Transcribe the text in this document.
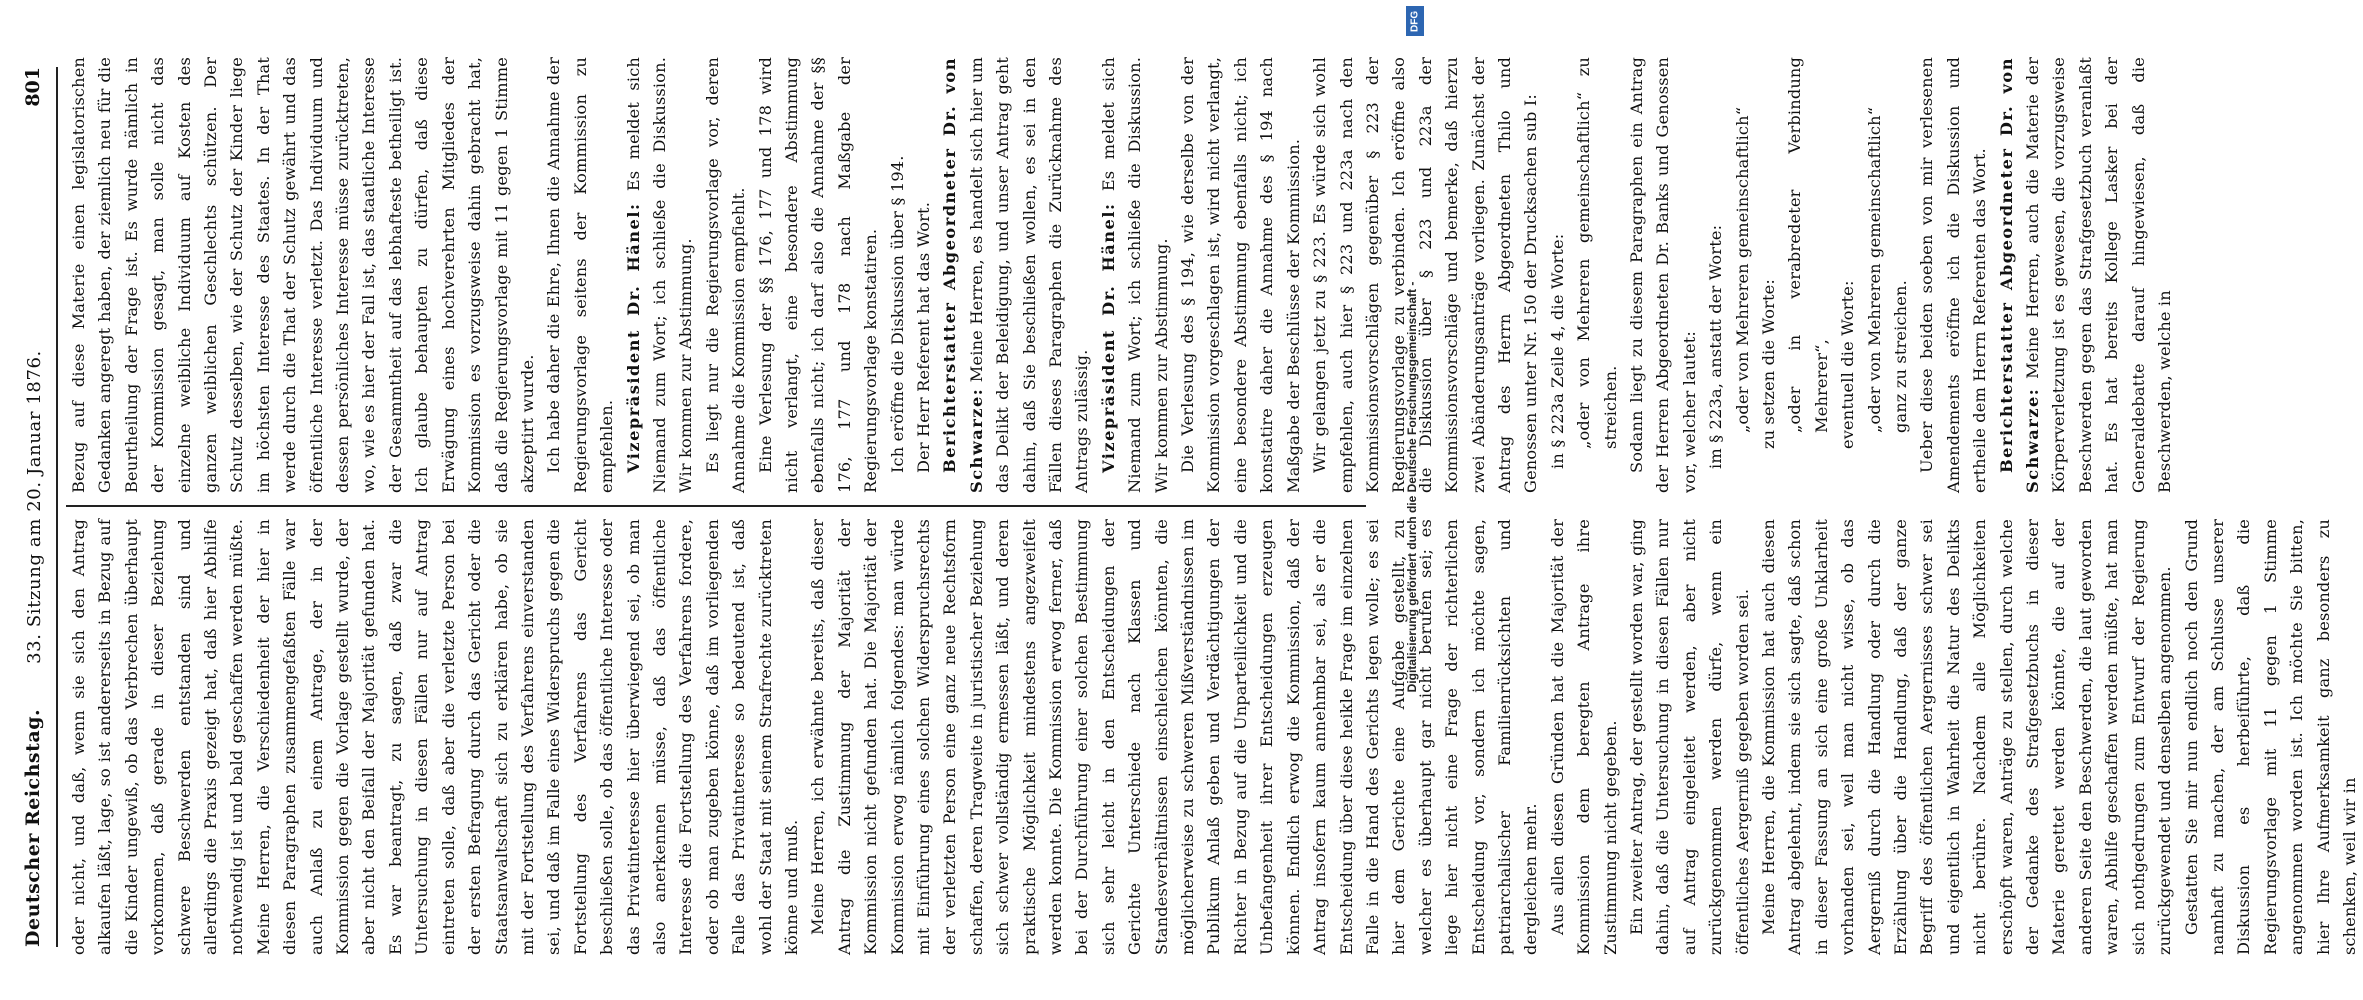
Deutscher Reichstag.
33. Sitzung am 20. Januar 1876.
801

oder nicht, und daß, wenn sie sich den Antrag alkaufen läßt, lage, so ist andererseits in Bezug auf die Kinder ungewiß, ob das Verbrechen überhaupt vorkommen, daß gerade in dieser Beziehung schwere Beschwerden entstanden sind und allerdings die Praxis gezeigt hat, daß hier Abhilfe nothwendig ist und bald geschaffen werden müßte. Meine Herren, die Verschiedenheit der hier in diesen Paragraphen zusammengefaßten Fälle war auch Anlaß zu einem Antrage, der in der Kommission gegen die Vorlage gestellt wurde, der aber nicht den Beifall der Majorität gefunden hat. Es war beantragt, zu sagen, daß zwar die Untersuchung in diesen Fällen nur auf Antrag eintreten solle, daß aber die verletzte Person bei der ersten Befragung durch das Gericht oder die Staatsanwaltschaft sich zu erklären habe, ob sie mit der Fortstellung des Verfahrens einverstanden sei, und daß im Falle eines Widerspruchs gegen die Fortstellung des Verfahrens das Gericht beschließen solle, ob das öffentliche Interesse oder das Privatinteresse hier überwiegend sei, ob man also anerkennen müsse, daß das öffentliche Interesse die Fortstellung des Verfahrens fordere, oder ob man zugeben könne, daß im vorliegenden Falle das Privatinteresse so bedeutend ist, daß wohl der Staat mit seinem Strafrechte zurücktreten könne und muß. Meine Herren, ich erwähnte bereits, daß dieser Antrag die Zustimmung der Majorität der Kommission nicht gefunden hat. Die Majorität der Kommission erwog nämlich folgendes: man würde mit Einführung eines solchen Widerspruchsrechts der verletzten Person eine ganz neue Rechtsform schaffen, deren Tragweite in juristischer Beziehung sich schwer vollständig ermessen läßt, und deren praktische Möglichkeit mindestens angezweifelt werden konnte. Die Kommission erwog ferner, daß bei der Durchführung einer solchen Bestimmung sich sehr leicht in den Entscheidungen der Gerichte Unterschiede nach Klassen und Standesverhältnissen einschleichen könnten, die möglicherweise zu schweren Mißverständnissen im Publikum Anlaß geben und Verdächtigungen der Richter in Bezug auf die Unparteilichkeit und die Unbefangenheit ihrer Entscheidungen erzeugen können. Endlich erwog die Kommission, daß der Antrag insofern kaum annehmbar sei, als er die Entscheidung über diese heikle Frage im einzelnen Falle in die Hand des Gerichts legen wolle; es sei hier dem Gerichte eine Aufgabe gestellt, zu welcher es überhaupt gar nicht berufen sei; es liege hier nicht eine Frage der richterlichen Entscheidung vor, sondern ich möchte sagen, patriarchalischer Familienrücksichten und dergleichen mehr. Aus allen diesen Gründen hat die Majorität der Kommission dem beregten Antrage ihre Zustimmung nicht gegeben. Ein zweiter Antrag, der gestellt worden war, ging dahin, daß die Untersuchung in diesen Fällen nur auf Antrag eingeleitet werden, aber nicht zurückgenommen werden dürfe, wenn ein öffentliches Aergerniß gegeben worden sei. Meine Herren, die Kommission hat auch diesen Antrag abgelehnt, indem sie sich sagte, daß schon in dieser Fassung an sich eine große Unklarheit vorhanden sei, weil man nicht wisse, ob das Aergerniß durch die Handlung oder durch die Erzählung über die Handlung, daß der ganze Begriff des öffentlichen Aergernisses schwer sei und eigentlich in Wahrheit die Natur des Delikts nicht berühre. Nachdem alle Möglichkeiten erschöpft waren, Anträge zu stellen, durch welche der Gedanke des Strafgesetzbuchs in dieser Materie gerettet werden könnte, die auf der anderen Seite den Beschwerden, die laut geworden waren, Abhilfe geschaffen werden müßte, hat man sich nothgedrungen zum Entwurf der Regierung zurückgewendet und denselben angenommen. Gestatten Sie mir nun endlich noch den Grund namhaft zu machen, der am Schlusse unserer Diskussion es herbeiführte, daß die Regierungsvorlage mit 11 gegen 1 Stimme angenommen worden ist. Ich möchte Sie bitten, hier Ihre Aufmerksamkeit ganz besonders zu schenken, weil wir in

Bezug auf diese Materie einen legislatorischen Gedanken angeregt haben, der ziemlich neu für die Beurtheilung der Frage ist. Es wurde nämlich in der Kommission gesagt, man solle nicht das einzelne weibliche Individuum auf Kosten des ganzen weiblichen Geschlechts schützen. Der Schutz desselben, wie der Schutz der Kinder liege im höchsten Interesse des Staates. In der That werde durch die That der Schutz gewährt und das öffentliche Interesse verletzt. Das Individuum und dessen persönliches Interesse müsse zurücktreten, wo, wie es hier der Fall ist, das staatliche Interesse der Gesammtheit auf das lebhafteste betheiligt ist. Ich glaube behaupten zu dürfen, daß diese Erwägung eines hochverehrten Mitgliedes der Kommission es vorzugsweise dahin gebracht hat, daß die Regierungsvorlage mit 11 gegen 1 Stimme akzeptirt wurde. Ich habe daher die Ehre, Ihnen die Annahme der Regierungsvorlage seitens der Kommission zu empfehlen. Vizepräsident Dr. Hänel: Es meldet sich Niemand zum Wort; ich schließe die Diskussion. Wir kommen zur Abstimmung. Es liegt nur die Regierungsvorlage vor, deren Annahme die Kommission empfiehlt. Eine Verlesung der §§ 176, 177 und 178 wird nicht verlangt, eine besondere Abstimmung ebenfalls nicht; ich darf also die Annahme der §§ 176, 177 und 178 nach Maßgabe der Regierungsvorlage konstatiren. Ich eröffne die Diskussion über § 194. Der Herr Referent hat das Wort. Berichterstatter Abgeordneter Dr. von Schwarze: Meine Herren, es handelt sich hier um das Delikt der Beleidigung, und unser Antrag geht dahin, daß Sie beschließen wollen, es sei in den Fällen dieses Paragraphen die Zurücknahme des Antrags zulässig. Vizepräsident Dr. Hänel: Es meldet sich Niemand zum Wort; ich schließe die Diskussion. Wir kommen zur Abstimmung. Die Verlesung des § 194, wie derselbe von der Kommission vorgeschlagen ist, wird nicht verlangt, eine besondere Abstimmung ebenfalls nicht; ich konstatire daher die Annahme des § 194 nach Maßgabe der Beschlüsse der Kommission. Wir gelangen jetzt zu § 223. Es würde sich wohl empfehlen, auch hier § 223 und 223a nach den Kommissionsvorschlägen gegenüber § 223 der Regierungsvorlage zu verbinden. Ich eröffne also die Diskussion über § 223 und 223a der Kommissionsvorschläge und bemerke, daß hierzu zwei Abänderungsanträge vorliegen. Zunächst der Antrag des Herrn Abgeordneten Thilo und Genossen unter Nr. 150 der Drucksachen sub I: in § 223a Zeile 4, die Worte: „oder von Mehreren gemeinschaftlich“ zu streichen. Sodann liegt zu diesem Paragraphen ein Antrag der Herren Abgeordneten Dr. Banks und Genossen vor, welcher lautet: im § 223a, anstatt der Worte: „oder von Mehreren gemeinschaftlich“ zu setzen die Worte: „oder in verabredeter Verbindung Mehrerer“, eventuell die Worte: „oder von Mehreren gemeinschaftlich“ ganz zu streichen. Ueber diese beiden soeben von mir verlesenen Amendements eröffne ich die Diskussion und ertheile dem Herrn Referenten das Wort. Berichterstatter Abgeordneter Dr. von Schwarze: Meine Herren, auch die Materie der Körperverletzung ist es gewesen, die vorzugsweise Beschwerden gegen das Strafgesetzbuch veranlaßt hat. Es hat bereits Kollege Lasker bei der Generaldebatte darauf hingewiesen, daß die Beschwerden, welche in

DFG
Digitalisierung gefördert durch die Deutsche Forschungsgemeinschaft -
